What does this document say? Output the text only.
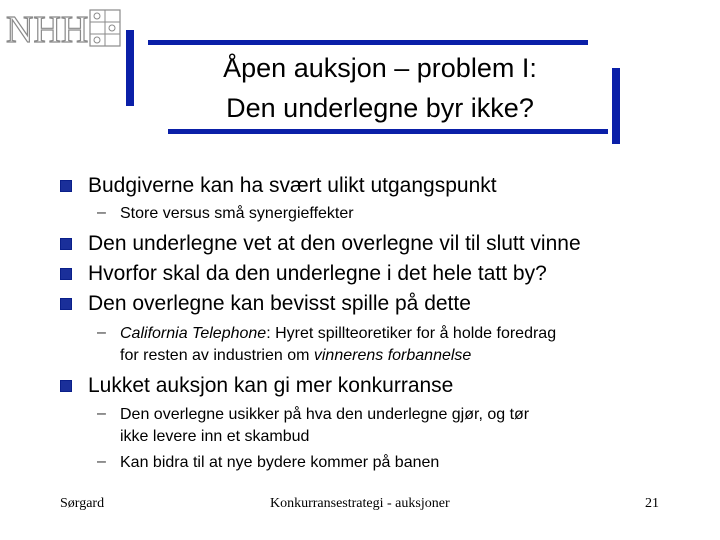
NHH
Åpen auksjon – problem I:
Den underlegne byr ikke?
Budgiverne kan ha svært ulikt utgangspunkt
– Store versus små synergieffekter
Den underlegne vet at den overlegne vil til slutt vinne
Hvorfor skal da den underlegne i det hele tatt by?
Den overlegne kan bevisst spille på dette
– California Telephone: Hyret spillteoretiker for å holde foredrag
for resten av industrien om vinnerens forbannelse
Lukket auksjon kan gi mer konkurranse
– Den overlegne usikker på hva den underlegne gjør, og tør
ikke levere inn et skambud
– Kan bidra til at nye bydere kommer på banen
Sørgard	Konkurransestrategi - auksjoner	21
